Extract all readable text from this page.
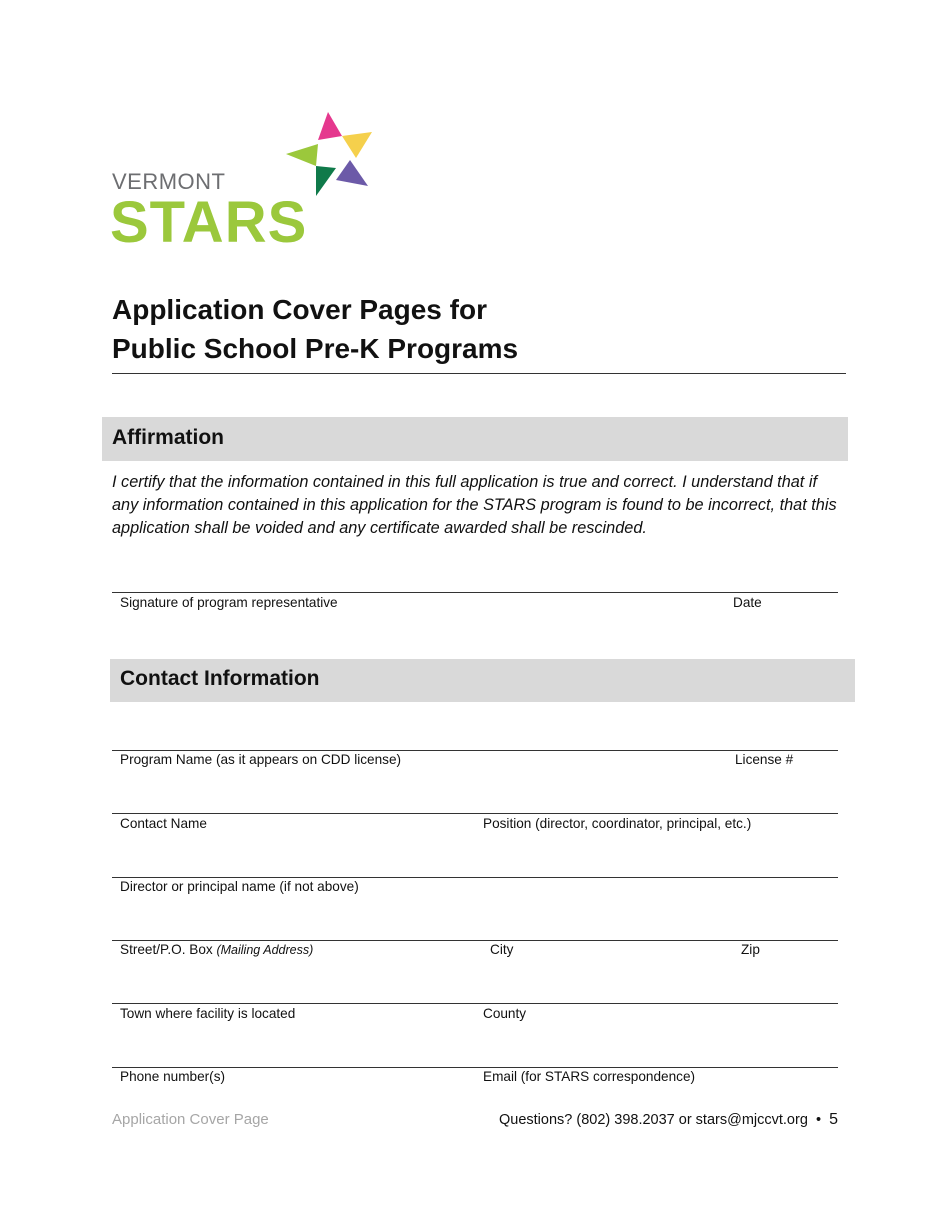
VERMONT
STARS
Application Cover Pages for
Public School Pre-K Programs
Affirmation

I certify that the information contained in this full application is true and correct. I understand that if any information contained in this application for the STARS program is found to be incorrect, that this application shall be voided and any certificate awarded shall be rescinded.

Signature of program representative	Date
Contact Information
Program Name (as it appears on CDD license)	License #
Contact Name	Position (director, coordinator, principal, etc.)
Director or principal name (if not above)
Street/P.O. Box (Mailing Address)	City	Zip
Town where facility is located	County
Phone number(s)	Email (for STARS correspondence)
Application Cover Page	Questions? (802) 398.2037 or stars@mjccvt.org • 5
